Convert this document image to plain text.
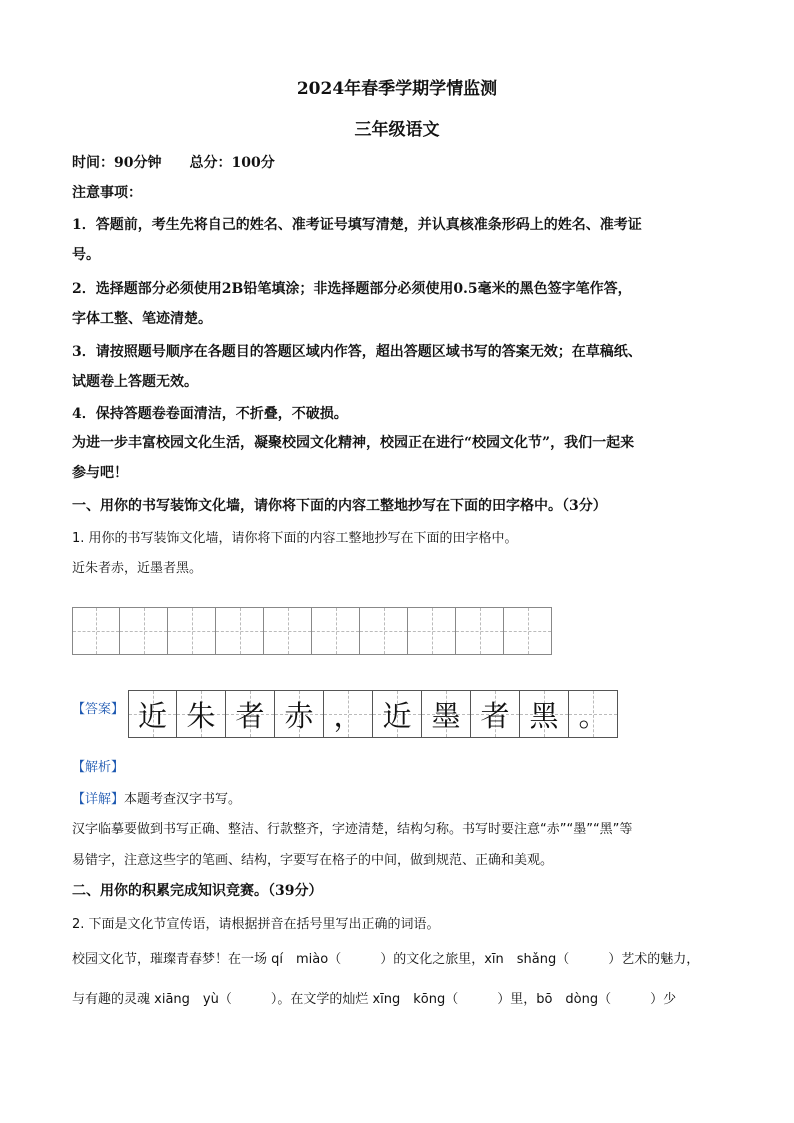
2024年春季学期学情监测
三年级语文
时间：90分钟　　总分：100分
注意事项：
1．答题前，考生先将自己的姓名、准考证号填写清楚，并认真核准条形码上的姓名、准考证
号。
2．选择题部分必须使用2B铅笔填涂；非选择题部分必须使用0.5毫米的黑色签字笔作答，
字体工整、笔迹清楚。
3．请按照题号顺序在各题目的答题区域内作答，超出答题区域书写的答案无效；在草稿纸、
试题卷上答题无效。
4．保持答题卷卷面清洁，不折叠，不破损。
为进一步丰富校园文化生活，凝聚校园文化精神，校园正在进行“校园文化节”，我们一起来
参与吧！
一、用你的书写装饰文化墙，请你将下面的内容工整地抄写在下面的田字格中。（3分）
1. 用你的书写装饰文化墙，请你将下面的内容工整地抄写在下面的田字格中。
近朱者赤，近墨者黑。
【答案】 近 朱 者 赤 ， 近 墨 者 黑 。
【解析】
【详解】本题考查汉字书写。
汉字临摹要做到书写正确、整洁、行款整齐，字迹清楚，结构匀称。书写时要注意“赤”“墨”“黑”等
易错字，注意这些字的笔画、结构，字要写在格子的中间，做到规范、正确和美观。
二、用你的积累完成知识竞赛。（39分）
2. 下面是文化节宣传语，请根据拼音在括号里写出正确的词语。
校园文化节，璀璨青春梦！在一场 qí　miào（　　　）的文化之旅里，xīn　shǎng（　　　）艺术的魅力，
与有趣的灵魂 xiāng　yù（　　　）。在文学的灿烂 xīng　kōng（　　　）里，bō　dòng（　　　）少
